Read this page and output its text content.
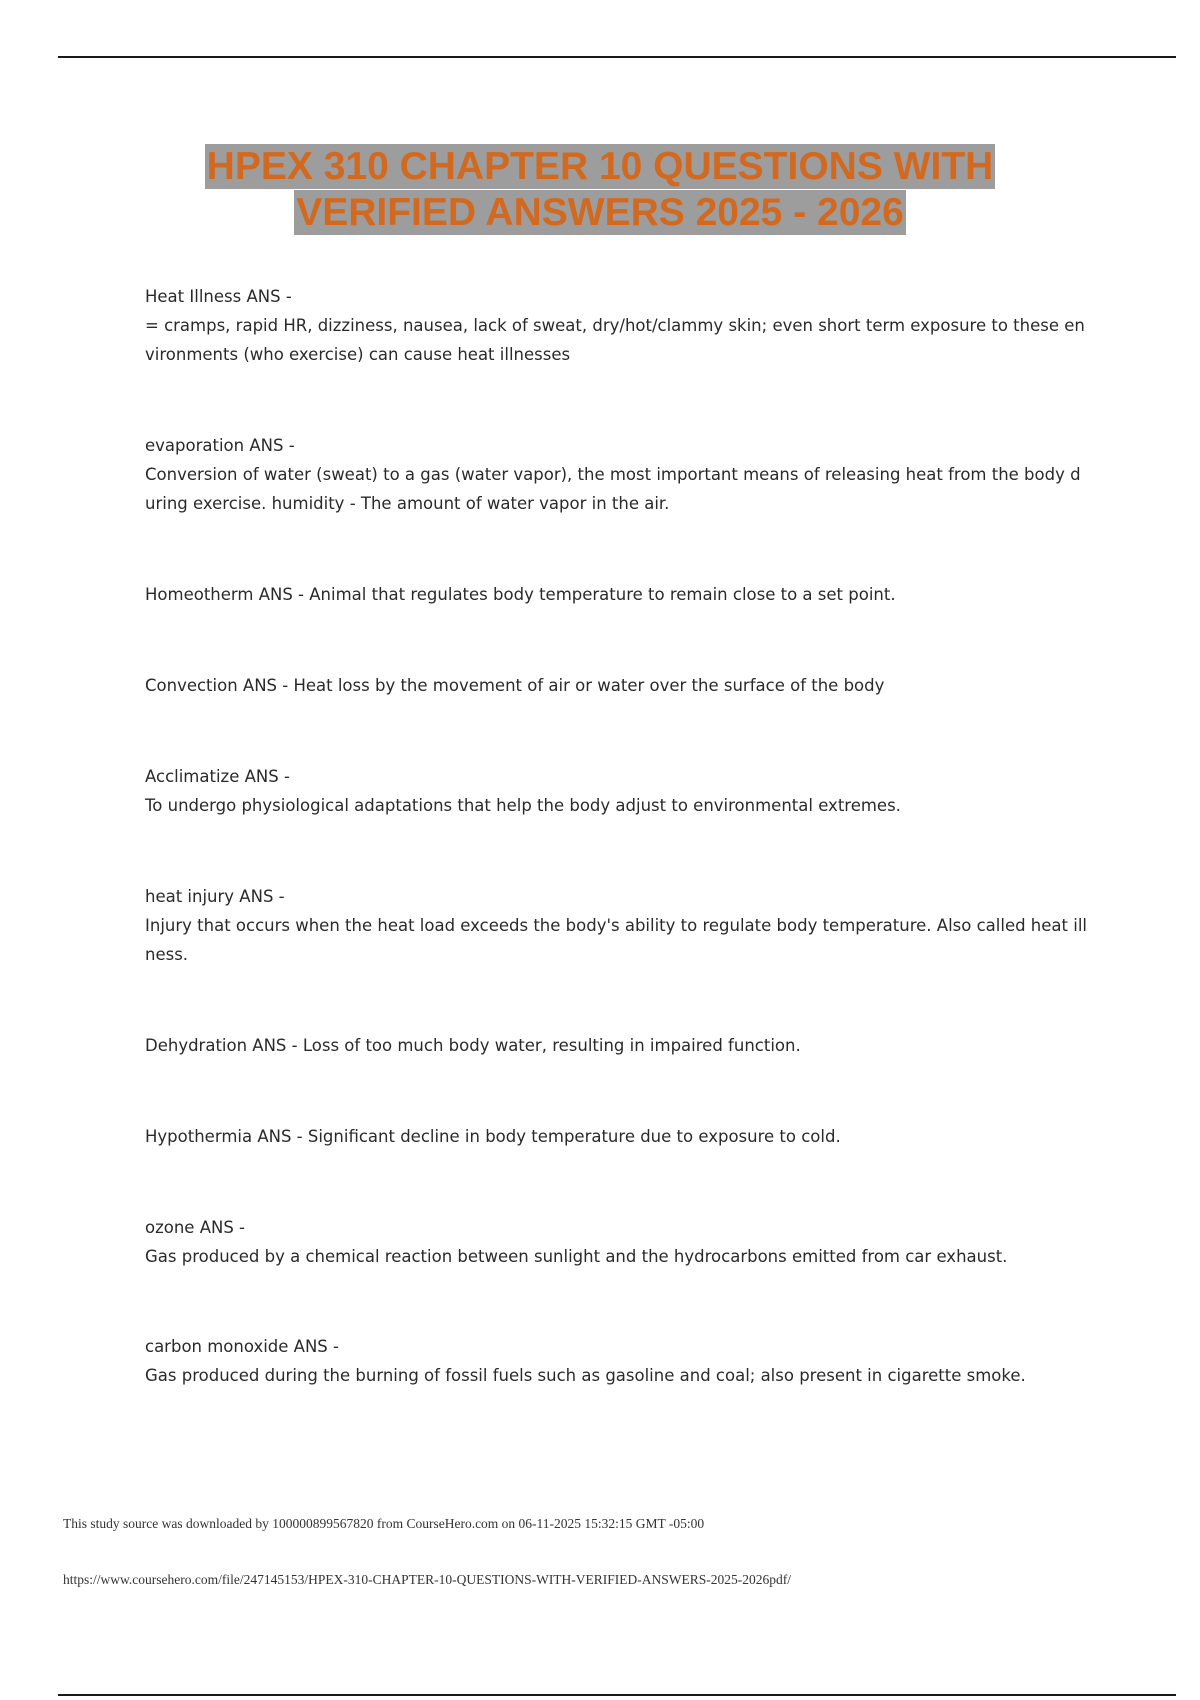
HPEX 310 CHAPTER 10 QUESTIONS WITH
VERIFIED ANSWERS 2025 - 2026
Heat Illness ANS -
= cramps, rapid HR, dizziness, nausea, lack of sweat, dry/hot/clammy skin; even short term exposure to these environments (who exercise) can cause heat illnesses
evaporation ANS -
Conversion of water (sweat) to a gas (water vapor), the most important means of releasing heat from the body during exercise. humidity - The amount of water vapor in the air.
Homeotherm ANS - Animal that regulates body temperature to remain close to a set point.
Convection ANS - Heat loss by the movement of air or water over the surface of the body
Acclimatize ANS -
To undergo physiological adaptations that help the body adjust to environmental extremes.
heat injury ANS -
Injury that occurs when the heat load exceeds the body's ability to regulate body temperature. Also called heat illness.
Dehydration ANS - Loss of too much body water, resulting in impaired function.
Hypothermia ANS - Significant decline in body temperature due to exposure to cold.
ozone ANS -
Gas produced by a chemical reaction between sunlight and the hydrocarbons emitted from car exhaust.
carbon monoxide ANS -
Gas produced during the burning of fossil fuels such as gasoline and coal; also present in cigarette smoke.
This study source was downloaded by 100000899567820 from CourseHero.com on 06-11-2025 15:32:15 GMT -05:00
https://www.coursehero.com/file/247145153/HPEX-310-CHAPTER-10-QUESTIONS-WITH-VERIFIED-ANSWERS-2025-2026pdf/
